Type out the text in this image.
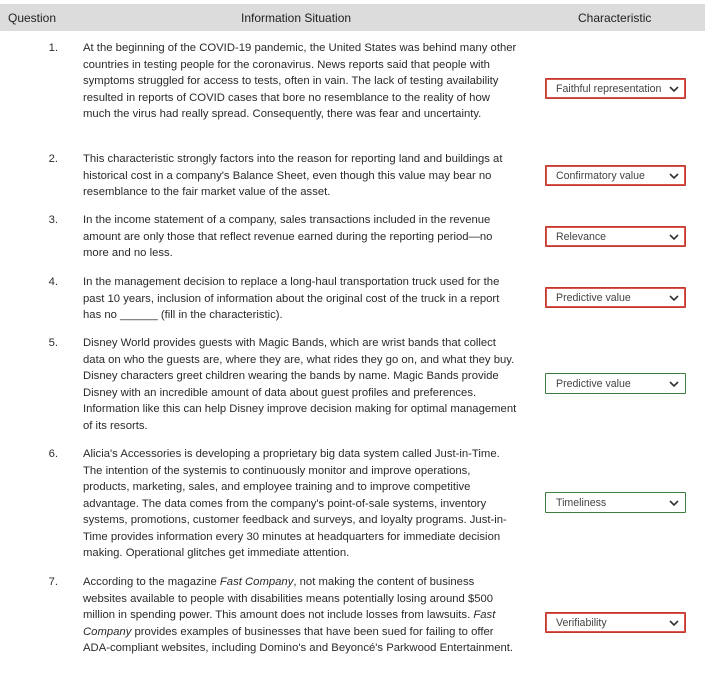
Question	Information Situation	Characteristic
1. At the beginning of the COVID-19 pandemic, the United States was behind many other countries in testing people for the coronavirus. News reports said that people with symptoms struggled for access to tests, often in vain. The lack of testing availability resulted in reports of COVID cases that bore no resemblance to the reality of how much the virus had really spread. Consequently, there was fear and uncertainty.
Faithful representation
2. This characteristic strongly factors into the reason for reporting land and buildings at historical cost in a company's Balance Sheet, even though this value may bear no resemblance to the fair market value of the asset.
Confirmatory value
3. In the income statement of a company, sales transactions included in the revenue amount are only those that reflect revenue earned during the reporting period—no more and no less.
Relevance
4. In the management decision to replace a long-haul transportation truck used for the past 10 years, inclusion of information about the original cost of the truck in a report has no ______ (fill in the characteristic).
Predictive value
5. Disney World provides guests with Magic Bands, which are wrist bands that collect data on who the guests are, where they are, what rides they go on, and what they buy. Disney characters greet children wearing the bands by name. Magic Bands provide Disney with an incredible amount of data about guest profiles and preferences. Information like this can help Disney improve decision making for optimal management of its resorts.
Predictive value
6. Alicia's Accessories is developing a proprietary big data system called Just-in-Time. The intention of the systemis to continuously monitor and improve operations, products, marketing, sales, and employee training and to improve competitive advantage. The data comes from the company's point-of-sale systems, inventory systems, promotions, customer feedback and surveys, and loyalty programs. Just-in-Time provides information every 30 minutes at headquarters for immediate decision making. Operational glitches get immediate attention.
Timeliness
7. According to the magazine Fast Company, not making the content of business websites available to people with disabilities means potentially losing around $500 million in spending power. This amount does not include losses from lawsuits. Fast Company provides examples of businesses that have been sued for failing to offer ADA-compliant websites, including Domino's and Beyoncé's Parkwood Entertainment.
Verifiability
